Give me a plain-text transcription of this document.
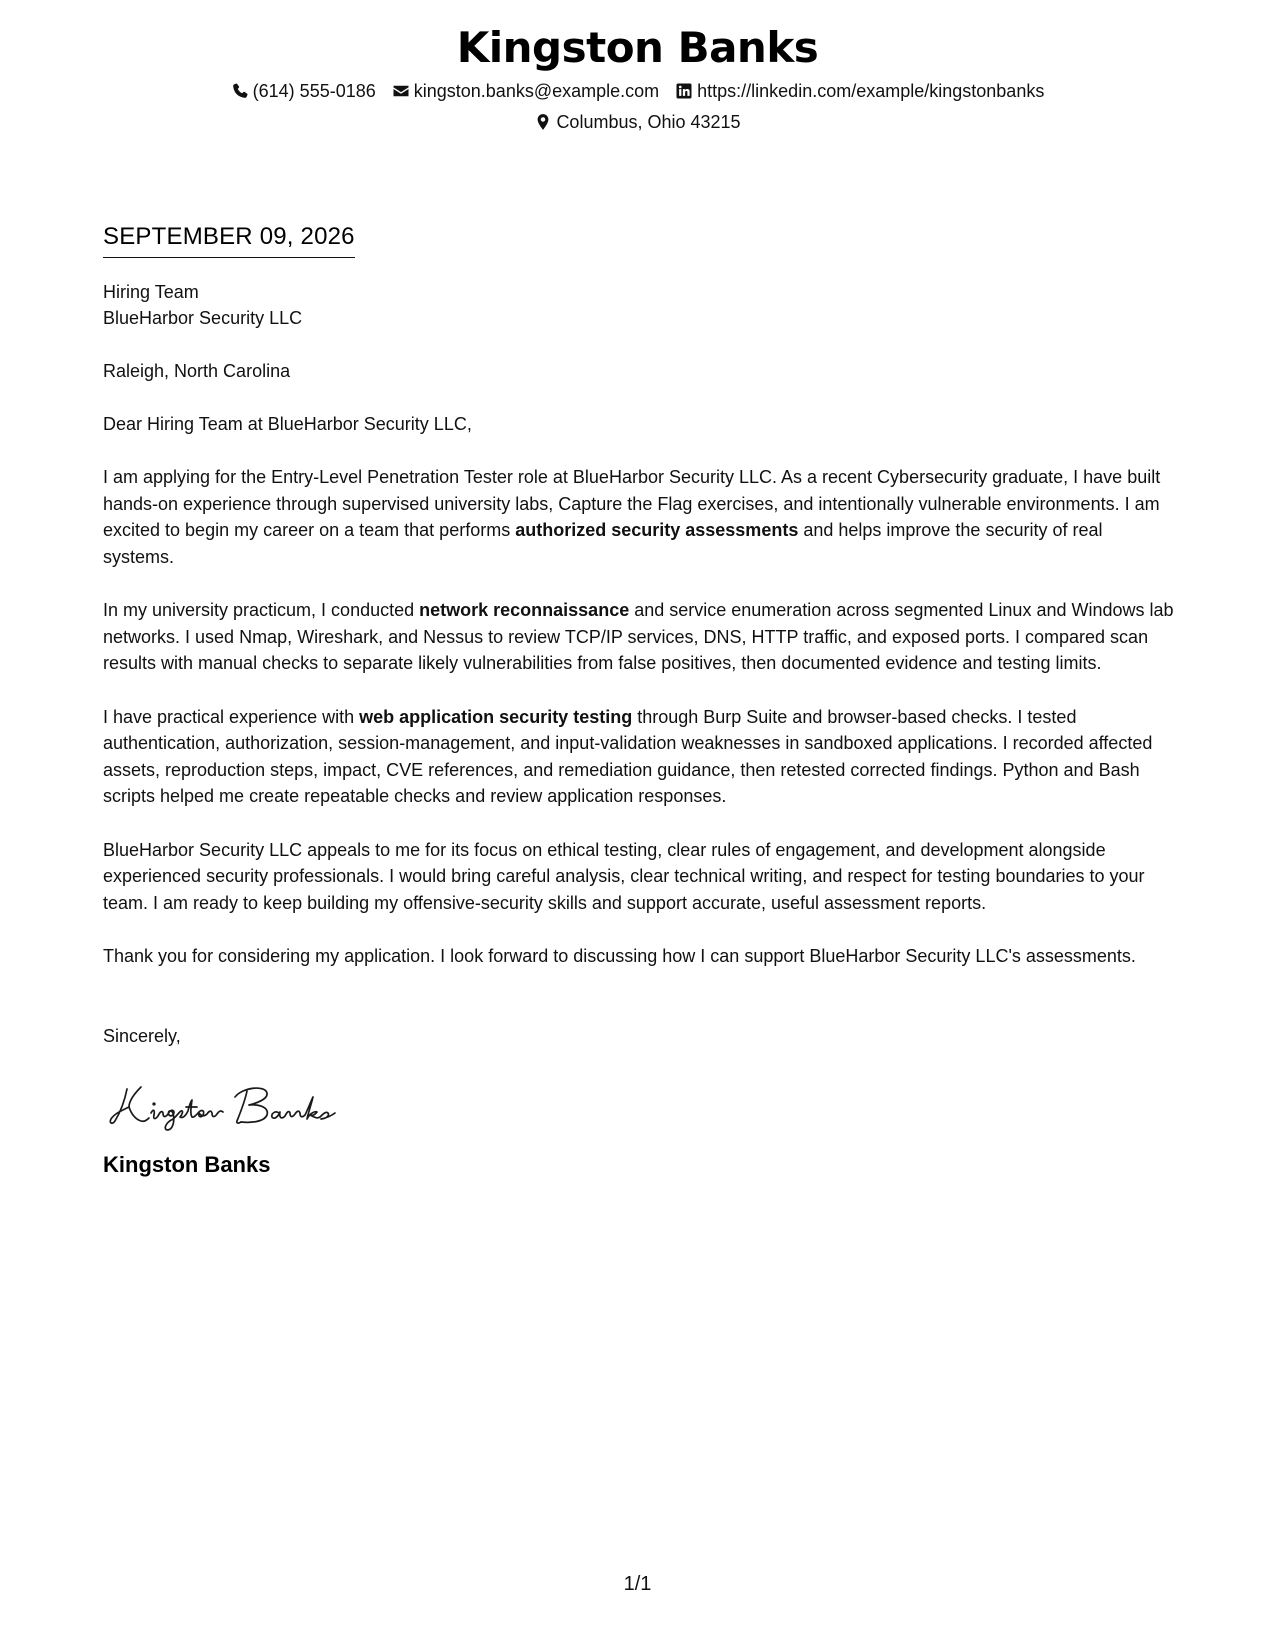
Kingston Banks
(614) 555-0186 kingston.banks@example.com https://linkedin.com/example/kingstonbanks
Columbus, Ohio 43215
SEPTEMBER 09, 2026
Hiring Team
BlueHarbor Security LLC
Raleigh, North Carolina
Dear Hiring Team at BlueHarbor Security LLC,
I am applying for the Entry-Level Penetration Tester role at BlueHarbor Security LLC. As a recent Cybersecurity graduate, I have built hands-on experience through supervised university labs, Capture the Flag exercises, and intentionally vulnerable environments. I am excited to begin my career on a team that performs authorized security assessments and helps improve the security of real systems.
In my university practicum, I conducted network reconnaissance and service enumeration across segmented Linux and Windows lab networks. I used Nmap, Wireshark, and Nessus to review TCP/IP services, DNS, HTTP traffic, and exposed ports. I compared scan results with manual checks to separate likely vulnerabilities from false positives, then documented evidence and testing limits.
I have practical experience with web application security testing through Burp Suite and browser-based checks. I tested authentication, authorization, session-management, and input-validation weaknesses in sandboxed applications. I recorded affected assets, reproduction steps, impact, CVE references, and remediation guidance, then retested corrected findings. Python and Bash scripts helped me create repeatable checks and review application responses.
BlueHarbor Security LLC appeals to me for its focus on ethical testing, clear rules of engagement, and development alongside experienced security professionals. I would bring careful analysis, clear technical writing, and respect for testing boundaries to your team. I am ready to keep building my offensive-security skills and support accurate, useful assessment reports.
Thank you for considering my application. I look forward to discussing how I can support BlueHarbor Security LLC's assessments.
Sincerely,
Kingston Banks
1/1
